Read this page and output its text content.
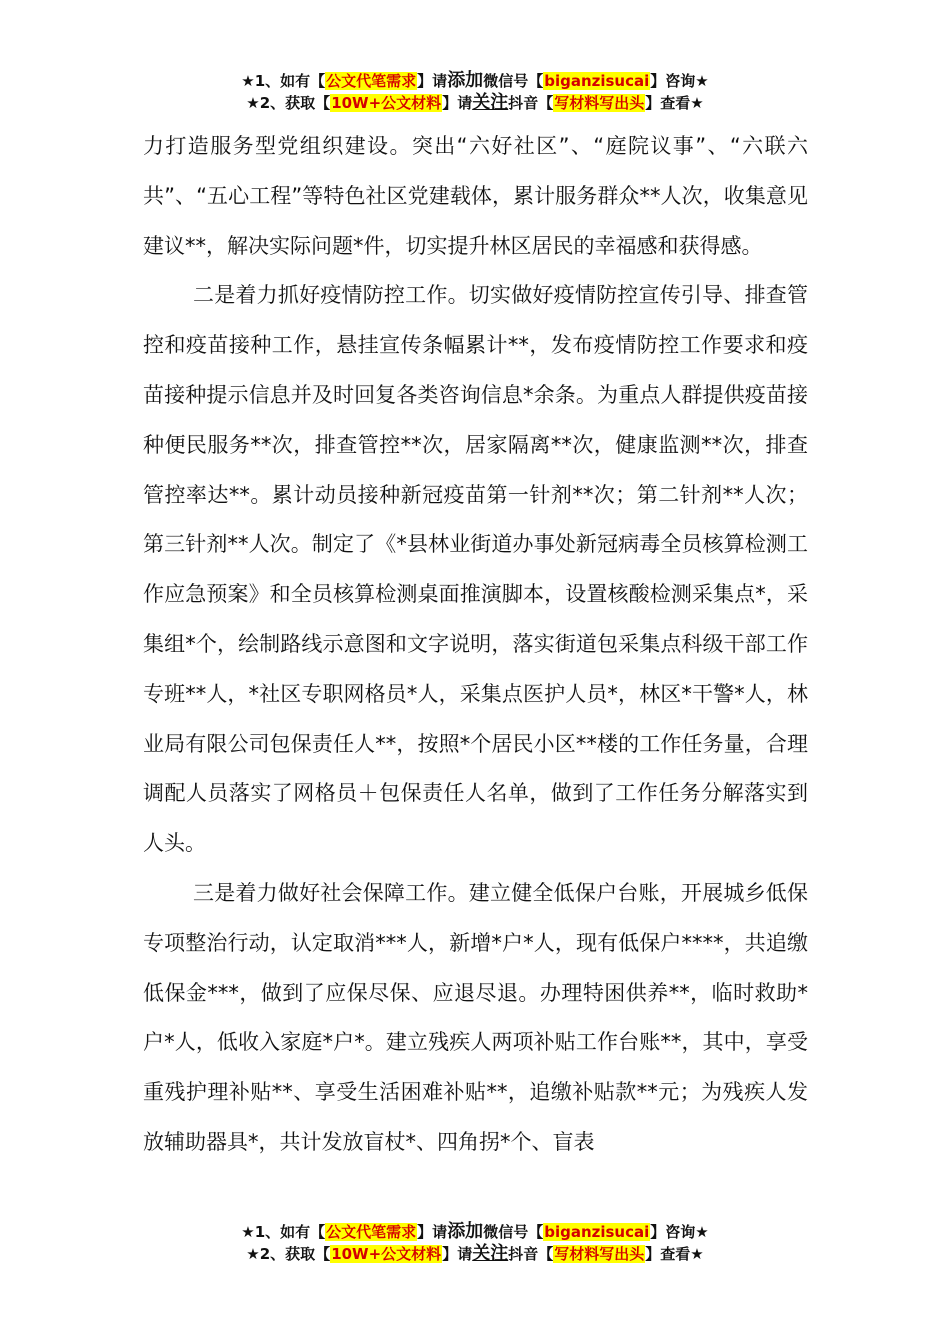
★1、如有【公文代笔需求】请添加微信号【biganzisucai】咨询★
★2、获取【10W+公文材料】请关注抖音【写材料写出头】查看★

力打造服务型党组织建设。突出“六好社区”、“庭院议事”、“六联六共”、“五心工程”等特色社区党建载体，累计服务群众**人次，收集意见建议**，解决实际问题*件，切实提升林区居民的幸福感和获得感。

二是着力抓好疫情防控工作。切实做好疫情防控宣传引导、排查管控和疫苗接种工作，悬挂宣传条幅累计**，发布疫情防控工作要求和疫苗接种提示信息并及时回复各类咨询信息*余条。为重点人群提供疫苗接种便民服务**次，排查管控**次，居家隔离**次，健康监测**次，排查管控率达**。累计动员接种新冠疫苗第一针剂**次；第二针剂**人次；第三针剂**人次。制定了《*县林业街道办事处新冠病毒全员核算检测工作应急预案》和全员核算检测桌面推演脚本，设置核酸检测采集点*，采集组*个，绘制路线示意图和文字说明，落实街道包采集点科级干部工作专班**人，*社区专职网格员*人，采集点医护人员*，林区*干警*人，林业局有限公司包保责任人**，按照*个居民小区**楼的工作任务量，合理调配人员落实了网格员＋包保责任人名单，做到了工作任务分解落实到人头。

三是着力做好社会保障工作。建立健全低保户台账，开展城乡低保专项整治行动，认定取消***人，新增*户*人，现有低保户****，共追缴低保金***，做到了应保尽保、应退尽退。办理特困供养**，临时救助*户*人，低收入家庭*户*。建立残疾人两项补贴工作台账**，其中，享受重残护理补贴**、享受生活困难补贴**，追缴补贴款**元；为残疾人发放辅助器具*，共计发放盲杖*、四角拐*个、盲表

★1、如有【公文代笔需求】请添加微信号【biganzisucai】咨询★
★2、获取【10W+公文材料】请关注抖音【写材料写出头】查看★
